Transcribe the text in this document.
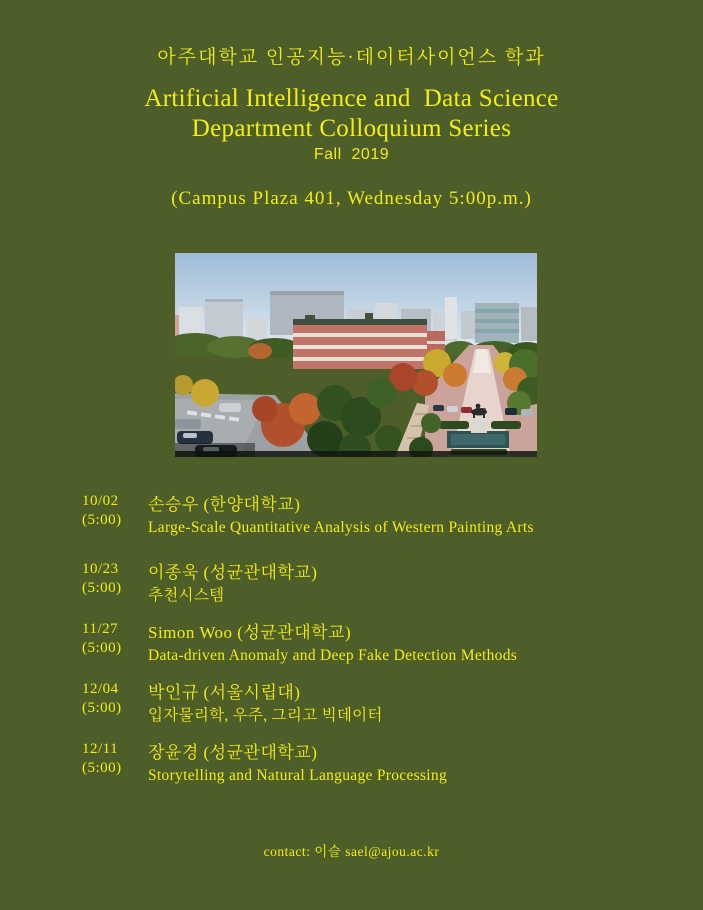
아주대학교 인공지능·데이터사이언스 학과
Artificial Intelligence and  Data Science
Department Colloquium Series
Fall  2019
(Campus Plaza 401, Wednesday 5:00p.m.)
10/02
(5:00)
손승우 (한양대학교)
Large-Scale Quantitative Analysis of Western Painting Arts
10/23
(5:00)
이종욱 (성균관대학교)
추천시스템
11/27
(5:00)
Simon Woo (성균관대학교)
Data-driven Anomaly and Deep Fake Detection Methods
12/04
(5:00)
박인규 (서울시립대)
입자물리학, 우주, 그리고 빅데이터
12/11
(5:00)
장윤경 (성균관대학교)
Storytelling and Natural Language Processing
contact: 이슬 sael@ajou.ac.kr
